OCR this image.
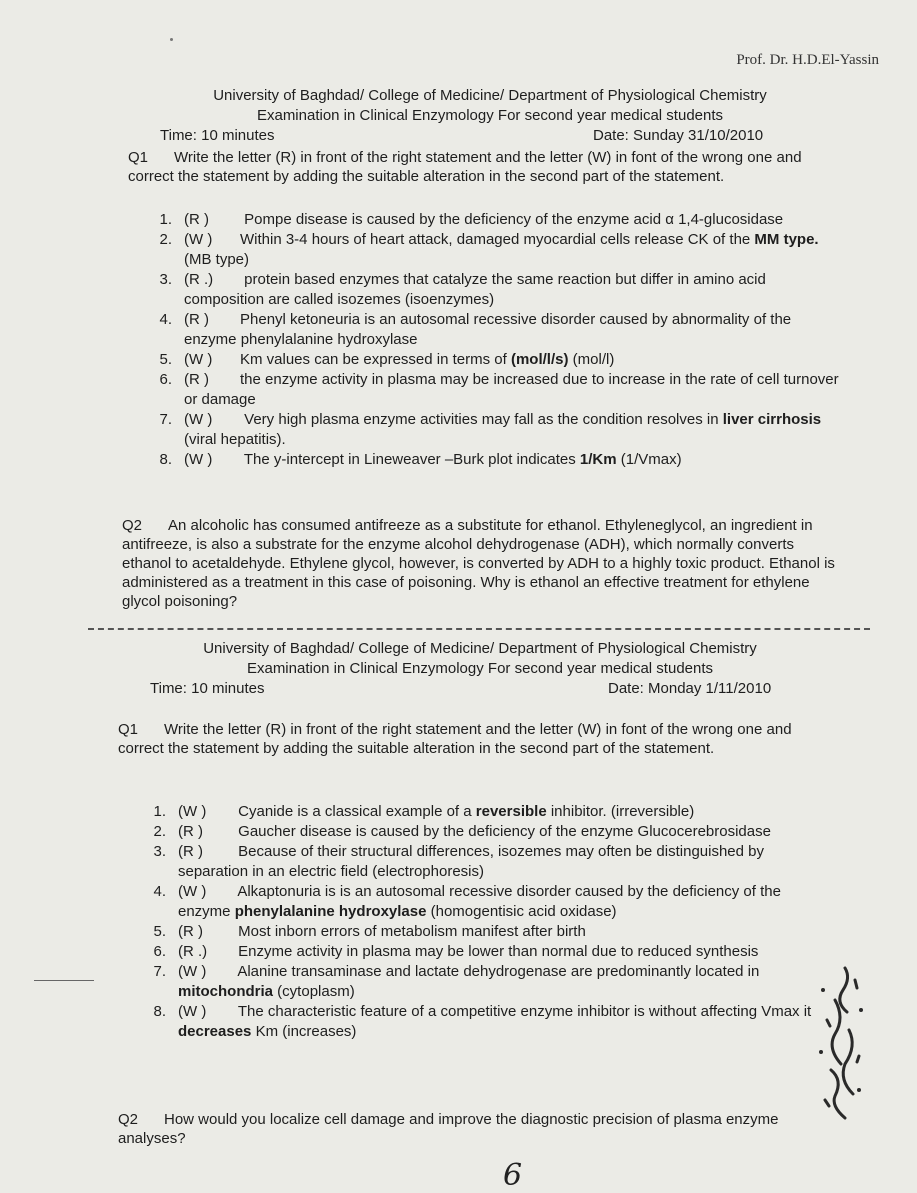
Prof. Dr. H.D.El-Yassin
University of Baghdad/ College of Medicine/ Department of Physiological Chemistry
Examination in Clinical Enzymology For second year medical students
Time: 10 minutes	Date: Sunday 31/10/2010
Q1 Write the letter (R) in front of the right statement and the letter (W) in font of the wrong one and correct the statement by adding the suitable alteration in the second part of the statement.
1. (R ) Pompe disease is caused by the deficiency of the enzyme acid α 1,4-glucosidase
2. (W ) Within 3-4 hours of heart attack, damaged myocardial cells release CK of the MM type. (MB type)
3. (R .) protein based enzymes that catalyze the same reaction but differ in amino acid composition are called isozemes (isoenzymes)
4. (R ) Phenyl ketoneuria is an autosomal recessive disorder caused by abnormality of the enzyme phenylalanine hydroxylase
5. (W ) Km values can be expressed in terms of (mol/l/s) (mol/l)
6. (R ) the enzyme activity in plasma may be increased due to increase in the rate of cell turnover or damage
7. (W ) Very high plasma enzyme activities may fall as the condition resolves in liver cirrhosis (viral hepatitis).
8. (W ) The y-intercept in Lineweaver –Burk plot indicates 1/Km (1/Vmax)
Q2 An alcoholic has consumed antifreeze as a substitute for ethanol. Ethyleneglycol, an ingredient in antifreeze, is also a substrate for the enzyme alcohol dehydrogenase (ADH), which normally converts ethanol to acetaldehyde. Ethylene glycol, however, is converted by ADH to a highly toxic product. Ethanol is administered as a treatment in this case of poisoning. Why is ethanol an effective treatment for ethylene glycol poisoning?
University of Baghdad/ College of Medicine/ Department of Physiological Chemistry
Examination in Clinical Enzymology For second year medical students
Time: 10 minutes	Date: Monday 1/11/2010
Q1 Write the letter (R) in front of the right statement and the letter (W) in font of the wrong one and correct the statement by adding the suitable alteration in the second part of the statement.
1. (W ) Cyanide is a classical example of a reversible inhibitor. (irreversible)
2. (R ) Gaucher disease is caused by the deficiency of the enzyme Glucocerebrosidase
3. (R ) Because of their structural differences, isozemes may often be distinguished by separation in an electric field (electrophoresis)
4. (W ) Alkaptonuria is is an autosomal recessive disorder caused by the deficiency of the enzyme phenylalanine hydroxylase (homogentisic acid oxidase)
5. (R ) Most inborn errors of metabolism manifest after birth
6. (R .) Enzyme activity in plasma may be lower than normal due to reduced synthesis
7. (W ) Alanine transaminase and lactate dehydrogenase are predominantly located in mitochondria (cytoplasm)
8. (W ) The characteristic feature of a competitive enzyme inhibitor is without affecting Vmax it decreases Km (increases)
Q2 How would you localize cell damage and improve the diagnostic precision of plasma enzyme analyses?
6
